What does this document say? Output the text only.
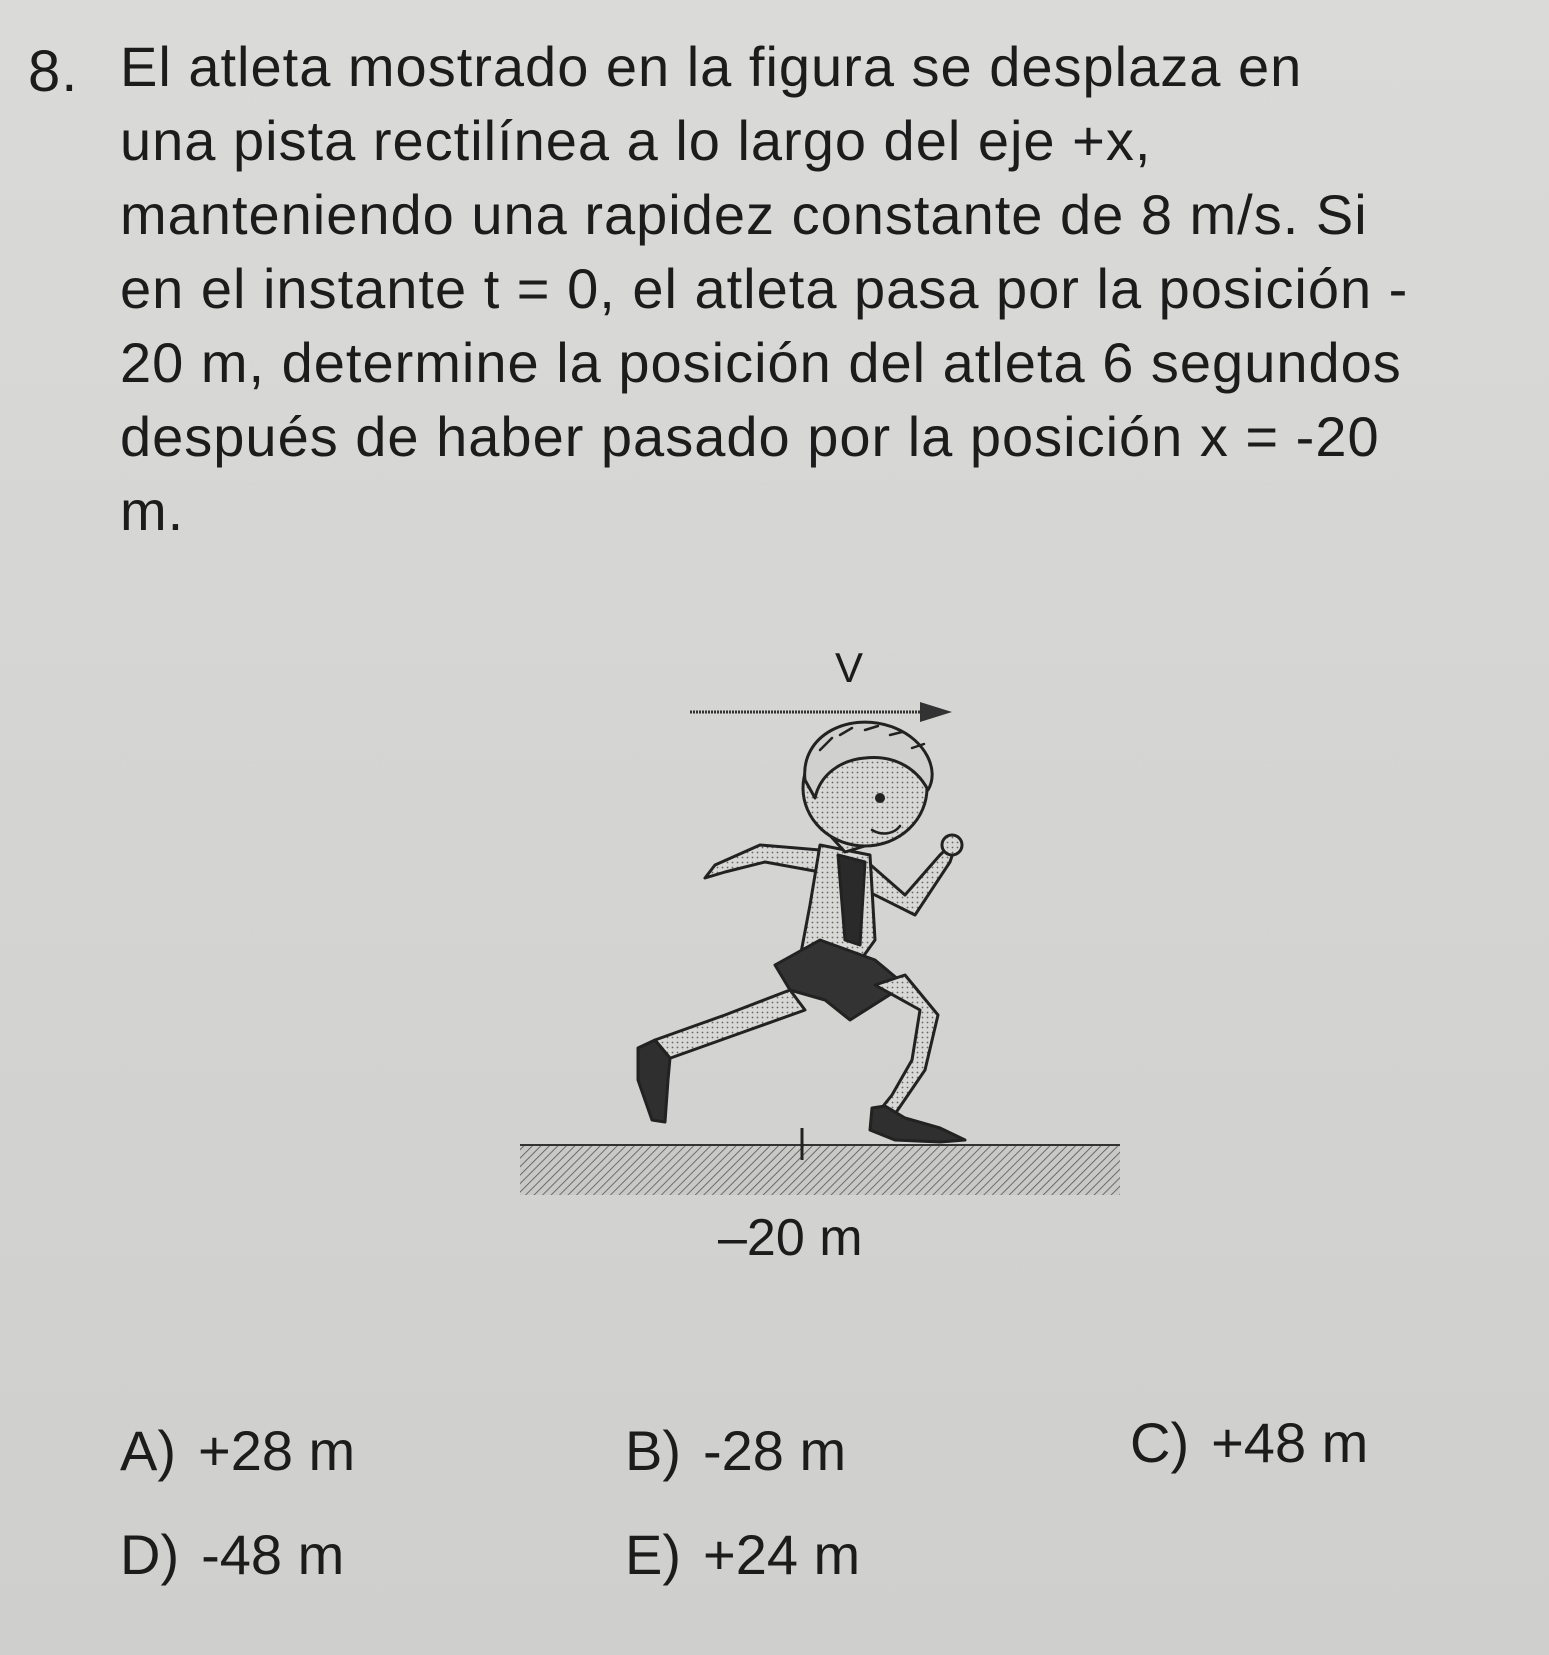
8. El atleta mostrado en la figura se desplaza en
una pista rectilínea a lo largo del eje +x,
manteniendo una rapidez constante de 8 m/s. Si
en el instante t = 0, el atleta pasa por la posición -
20 m, determine la posición del atleta 6 segundos
después de haber pasado por la posición x = -20
m.
V
–20 m
A) +28 m	B) -28 m	C) +48 m
D) -48 m	E) +24 m
